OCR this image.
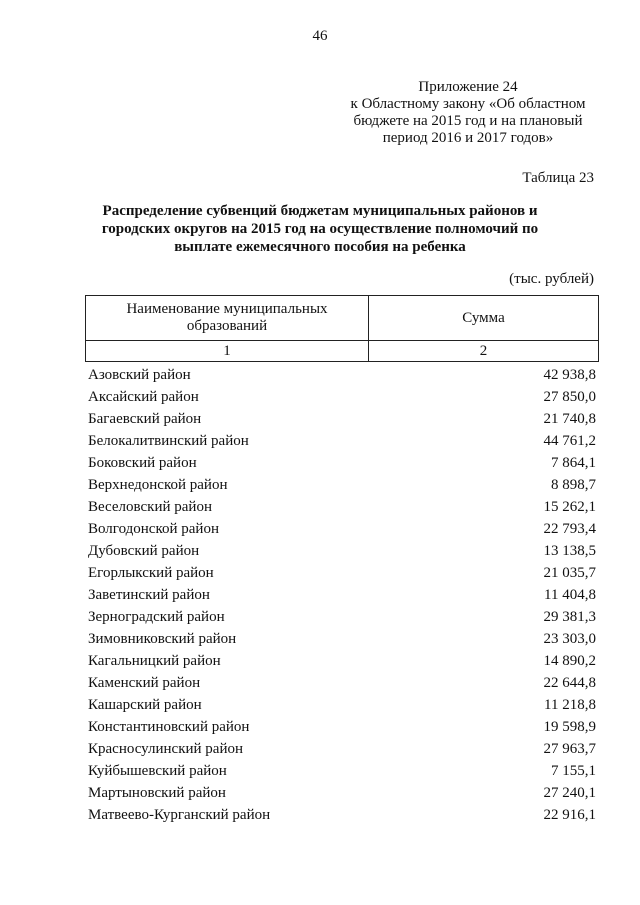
46
Приложение 24
к Областному закону «Об областном
бюджете на 2015 год и на плановый
период 2016 и 2017 годов»
Таблица 23
Распределение субвенций бюджетам муниципальных районов и
городских округов на 2015 год на осуществление полномочий по
выплате ежемесячного пособия на ребенка
(тыс. рублей)
Наименование муниципальных
образований	Сумма
1	2
Азовский район	42 938,8
Аксайский район	27 850,0
Багаевский район	21 740,8
Белокалитвинский район	44 761,2
Боковский район	7 864,1
Верхнедонской район	8 898,7
Веселовский район	15 262,1
Волгодонской район	22 793,4
Дубовский район	13 138,5
Егорлыкский район	21 035,7
Заветинский район	11 404,8
Зерноградский район	29 381,3
Зимовниковский район	23 303,0
Кагальницкий район	14 890,2
Каменский район	22 644,8
Кашарский район	11 218,8
Константиновский район	19 598,9
Красносулинский район	27 963,7
Куйбышевский район	7 155,1
Мартыновский район	27 240,1
Матвеево-Курганский район	22 916,1
